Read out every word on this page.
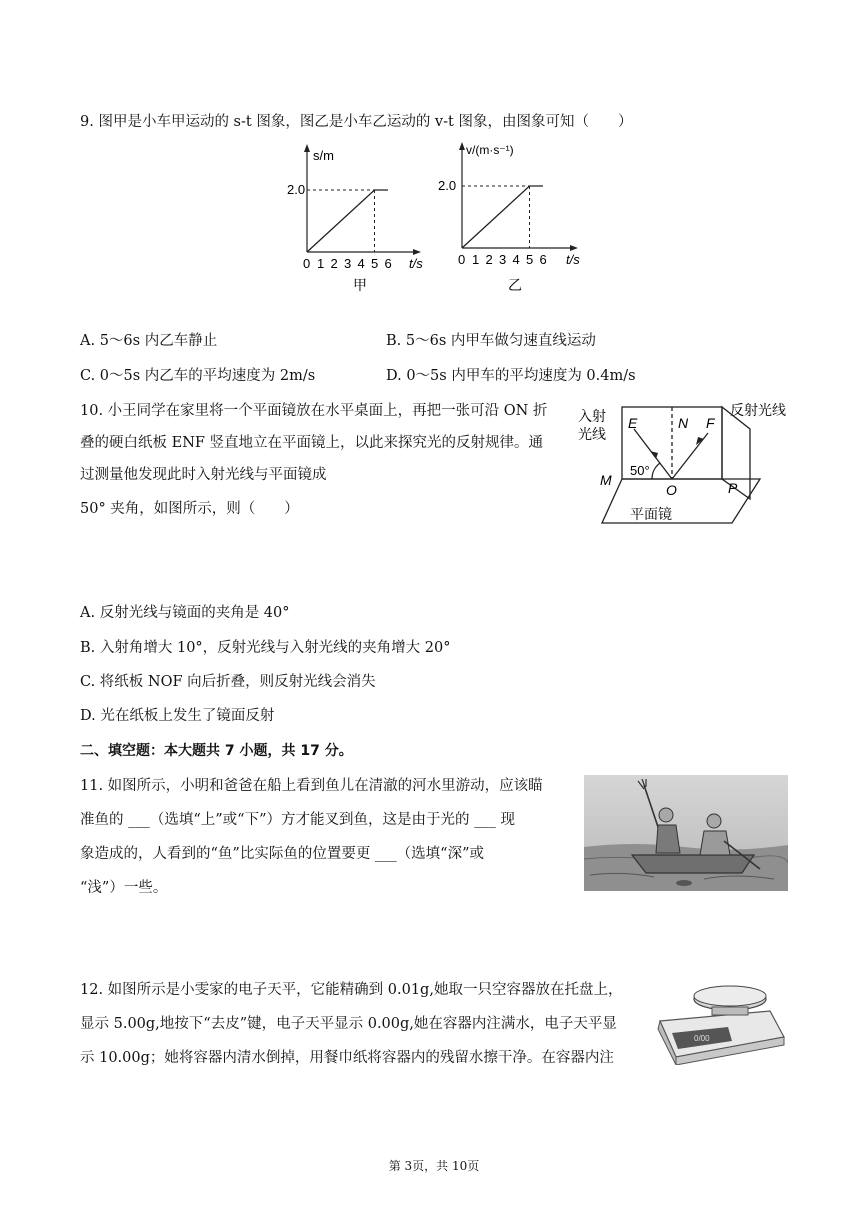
9. 图甲是小车甲运动的 s-t 图象，图乙是小车乙运动的 v-t 图象，由图象可知（　　）
s/m
2.0
0 1 2 3 4 5 6 t/s
甲
v/(m·s⁻¹)
2.0
0 1 2 3 4 5 6 t/s
乙
A. 5～6s 内乙车静止	B. 5～6s 内甲车做匀速直线运动
C. 0～5s 内乙车的平均速度为 2m/s	D. 0～5s 内甲车的平均速度为 0.4m/s
10. 小王同学在家里将一个平面镜放在水平桌面上，再把一张可沿 ON 折
叠的硬白纸板 ENF 竖直地立在平面镜上，以此来探究光的反射规律。通
过测量他发现此时入射光线与平面镜成
50° 夹角，如图所示，则（　　）
入射
光线
反射光线
E	N F
50°
M
O	P
平面镜
A. 反射光线与镜面的夹角是 40°
B. 入射角增大 10°，反射光线与入射光线的夹角增大 20°
C. 将纸板 NOF 向后折叠，则反射光线会消失
D. 光在纸板上发生了镜面反射
二、填空题：本大题共 7 小题，共 17 分。
11. 如图所示，小明和爸爸在船上看到鱼儿在清澈的河水里游动，应该瞄
准鱼的 ___（选填“上”或“下”）方才能叉到鱼，这是由于光的 ___ 现
象造成的，人看到的“鱼”比实际鱼的位置要更 ___（选填“深”或
“浅”）一些。
12. 如图所示是小雯家的电子天平，它能精确到 0.01g,她取一只空容器放在托盘上，
显示 5.00g,地按下“去皮”键，电子天平显示 0.00g,她在容器内注满水，电子天平显
示 10.00g；她将容器内清水倒掉，用餐巾纸将容器内的残留水擦干净。在容器内注
0/00
第 3页，共 10页
